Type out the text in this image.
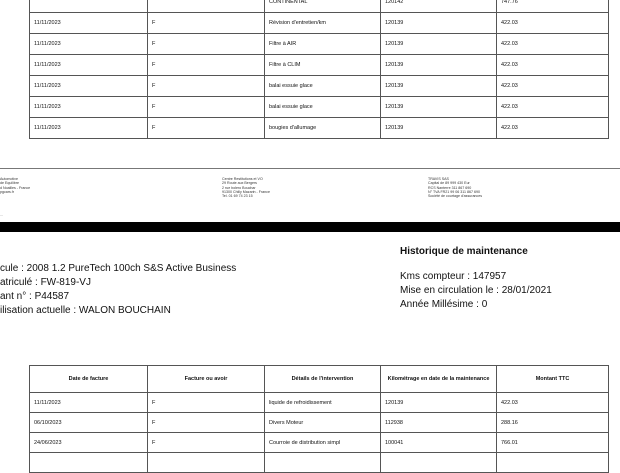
		CONTINENTAL	120142	747.76
11/11/2023	F	Révision d'entretien/km	120139	422.03
11/11/2023	F	Filtre à AIR	120139	422.03
11/11/2023	F	Filtre à CLIM	120139	422.03
11/11/2023	F	balai essuie glace	120139	422.03
11/11/2023	F	balai essuie glace	120139	422.03
11/11/2023	F	bougies d'allumage	120139	422.03
Automotive
de Equilibre
d Noailles - France
pgcars.fr
Centre Restitutions et VO
29 Route aux Bergers
2 rue bolero Bouchar
91300 Chilly Mazarin - France
Tel. 01 69 74 23 15
TRAVIS SAS
Capital de 89 999 430 Eur
RCS Nanterre 311 867 690
N° TVA FR21 99 06 311 867 690
Société de courtage d'assurances
...
cule : 2008 1.2 PureTech 100ch S&S Active Business
atriculé : FW-819-VJ
ant n° : P44587
ilisation actuelle : WALON BOUCHAIN
Historique de maintenance
Kms compteur : 147957
Mise en circulation le : 28/01/2021
Année Millésime : 0
Date de facture	Facture ou avoir	Détails de l'intervention	Kilométrage en date de la maintenance	Montant TTC
11/11/2023	F	liquide de refroidissement	120139	422.03
06/10/2023	F	Divers Moteur	112938	288.16
24/06/2023	F	Courroie de distribution simpl	100041	766.01
